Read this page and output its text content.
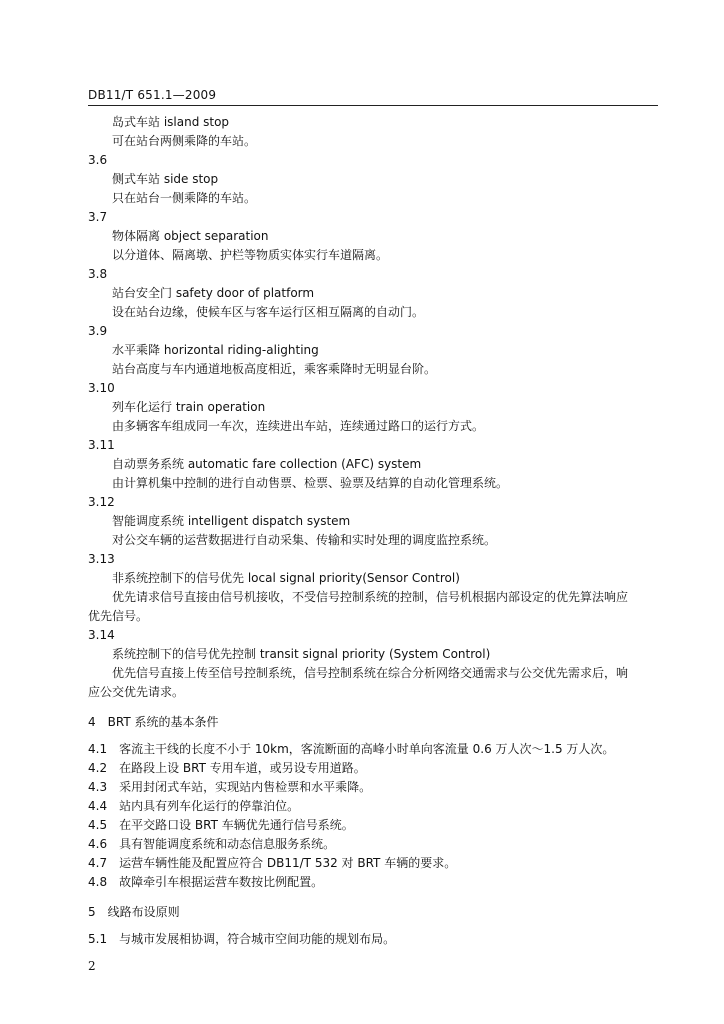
DB11/T 651.1—2009
岛式车站 island stop
可在站台两侧乘降的车站。
3.6
侧式车站 side stop
只在站台一侧乘降的车站。
3.7
物体隔离 object separation
以分道体、隔离墩、护栏等物质实体实行车道隔离。
3.8
站台安全门 safety door of platform
设在站台边缘，使候车区与客车运行区相互隔离的自动门。
3.9
水平乘降 horizontal riding-alighting
站台高度与车内通道地板高度相近，乘客乘降时无明显台阶。
3.10
列车化运行 train operation
由多辆客车组成同一车次，连续进出车站，连续通过路口的运行方式。
3.11
自动票务系统 automatic fare collection (AFC) system
由计算机集中控制的进行自动售票、检票、验票及结算的自动化管理系统。
3.12
智能调度系统 intelligent dispatch system
对公交车辆的运营数据进行自动采集、传输和实时处理的调度监控系统。
3.13
非系统控制下的信号优先 local signal priority(Sensor Control)
优先请求信号直接由信号机接收，不受信号控制系统的控制，信号机根据内部设定的优先算法响应
优先信号。
3.14
系统控制下的信号优先控制 transit signal priority (System Control)
优先信号直接上传至信号控制系统，信号控制系统在综合分析网络交通需求与公交优先需求后，响
应公交优先请求。
4　BRT 系统的基本条件
4.1　客流主干线的长度不小于 10km，客流断面的高峰小时单向客流量 0.6 万人次～1.5 万人次。
4.2　在路段上设 BRT 专用车道，或另设专用道路。
4.3　采用封闭式车站，实现站内售检票和水平乘降。
4.4　站内具有列车化运行的停靠泊位。
4.5　在平交路口设 BRT 车辆优先通行信号系统。
4.6　具有智能调度系统和动态信息服务系统。
4.7　运营车辆性能及配置应符合 DB11/T 532 对 BRT 车辆的要求。
4.8　故障牵引车根据运营车数按比例配置。
5　线路布设原则
5.1　与城市发展相协调，符合城市空间功能的规划布局。
2
